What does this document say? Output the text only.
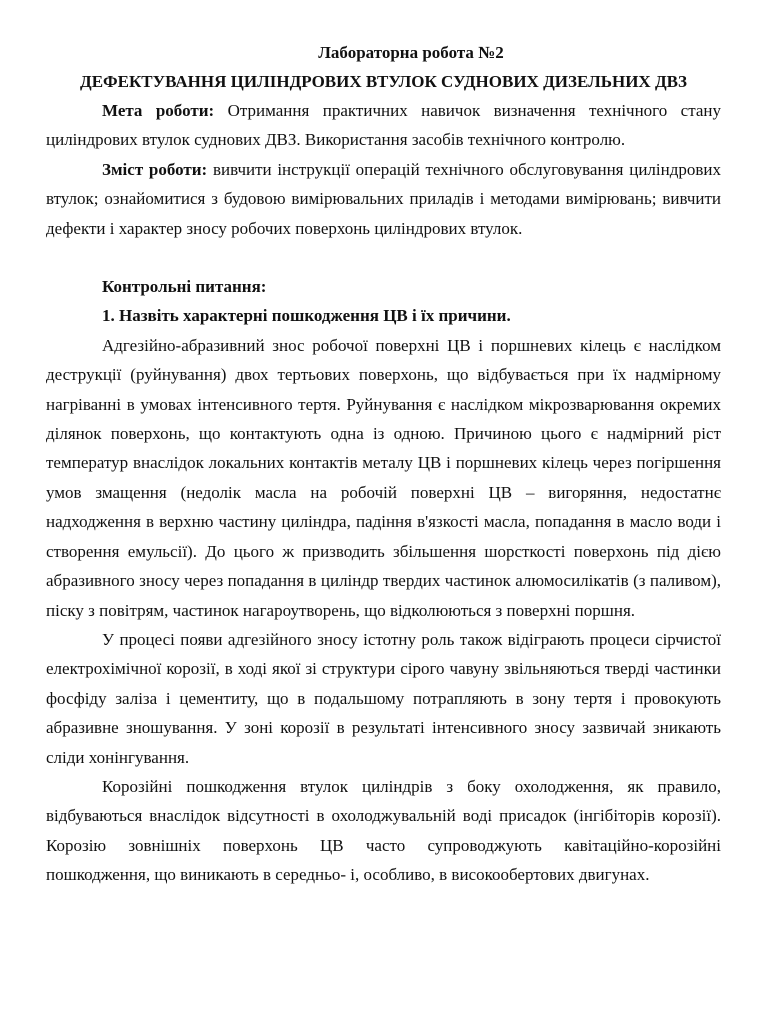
Лабораторна робота №2
ДЕФЕКТУВАННЯ ЦИЛІНДРОВИХ ВТУЛОК СУДНОВИХ ДИЗЕЛЬНИХ ДВЗ

Мета роботи: Отримання практичних навичок визначення технічного стану циліндрових втулок суднових ДВЗ. Використання засобів технічного контролю.

Зміст роботи: вивчити інструкції операцій технічного обслуговування циліндрових втулок; ознайомитися з будовою вимірювальних приладів і методами вимірювань; вивчити дефекти і характер зносу робочих поверхонь циліндрових втулок.

Контрольні питання:

1. Назвіть характерні пошкодження ЦВ і їх причини.

Адгезійно-абразивний знос робочої поверхні ЦВ і поршневих кілець є наслідком деструкції (руйнування) двох тертьових поверхонь, що відбувається при їх надмірному нагріванні в умовах інтенсивного тертя. Руйнування є наслідком мікрозварювання окремих ділянок поверхонь, що контактують одна із одною. Причиною цього є надмірний ріст температур внаслідок локальних контактів металу ЦВ і поршневих кілець через погіршення умов змащення (недолік масла на робочій поверхні ЦВ – вигоряння, недостатнє надходження в верхню частину циліндра, падіння в'язкості масла, попадання в масло води і створення емульсії). До цього ж призводить збільшення шорсткості поверхонь під дією абразивного зносу через попадання в циліндр твердих частинок алюмосилікатів (з паливом), піску з повітрям, частинок нагароутворень, що відколюються з поверхні поршня.

У процесі появи адгезійного зносу істотну роль також відіграють процеси сірчистої електрохімічної корозії, в ході якої зі структури сірого чавуну звільняються тверді частинки фосфіду заліза і цементиту, що в подальшому потрапляють в зону тертя і провокують абразивне зношування. У зоні корозії в результаті інтенсивного зносу зазвичай зникають сліди хонінгування.

Корозійні пошкодження втулок циліндрів з боку охолодження, як правило, відбуваються внаслідок відсутності в охолоджувальній воді присадок (інгібіторів корозії). Корозію зовнішніх поверхонь ЦВ часто супроводжують кавітаційно-корозійні пошкодження, що виникають в середньо- і, особливо, в високообертових двигунах.
